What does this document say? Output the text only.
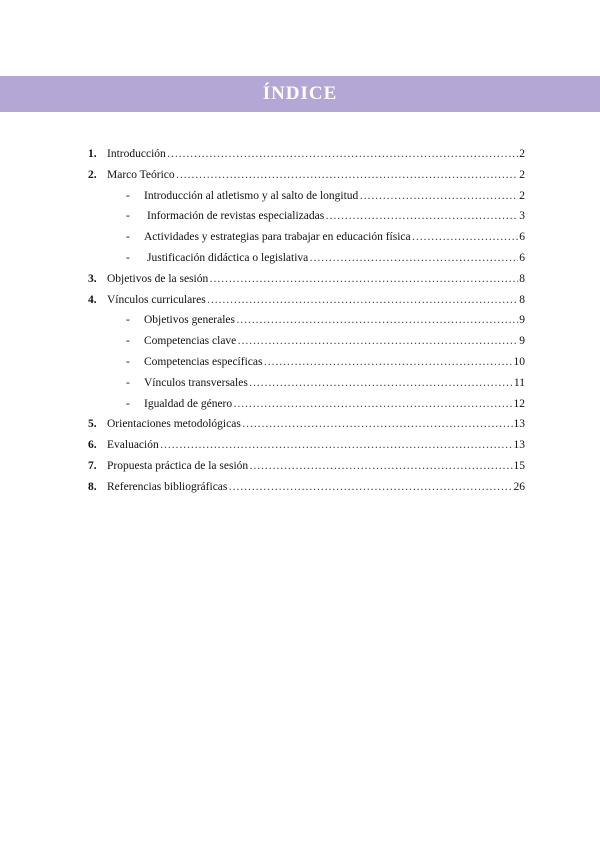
ÍNDICE
1. Introducción ……………………………………………………………………………………………………………………………………………………………………	2
2. Marco Teórico ……………………………………………………………………………………………………………………………………………………………………	2
-	Introducción al atletismo y al salto de longitud ……………………………………………………………………………………………………………………………………………………………………	2
-	Información de revistas especializadas ……………………………………………………………………………………………………………………………………………………………………	3
-	Actividades y estrategias para trabajar en educación física ……………………………………………………………………………………………………………………………………………………………………	6
-	Justificación didáctica o legislativa ……………………………………………………………………………………………………………………………………………………………………	6
3. Objetivos de la sesión ……………………………………………………………………………………………………………………………………………………………………	8
4. Vínculos curriculares ……………………………………………………………………………………………………………………………………………………………………	8
-	Objetivos generales ……………………………………………………………………………………………………………………………………………………………………	9
-	Competencias clave ……………………………………………………………………………………………………………………………………………………………………	9
-	Competencias específicas ……………………………………………………………………………………………………………………………………………………………………	10
-	Vínculos transversales ……………………………………………………………………………………………………………………………………………………………………	11
-	Igualdad de género ……………………………………………………………………………………………………………………………………………………………………	12
5. Orientaciones metodológicas ……………………………………………………………………………………………………………………………………………………………………	13
6. Evaluación ……………………………………………………………………………………………………………………………………………………………………	13
7. Propuesta práctica de la sesión ……………………………………………………………………………………………………………………………………………………………………	15
8. Referencias bibliográficas ……………………………………………………………………………………………………………………………………………………………………	26
